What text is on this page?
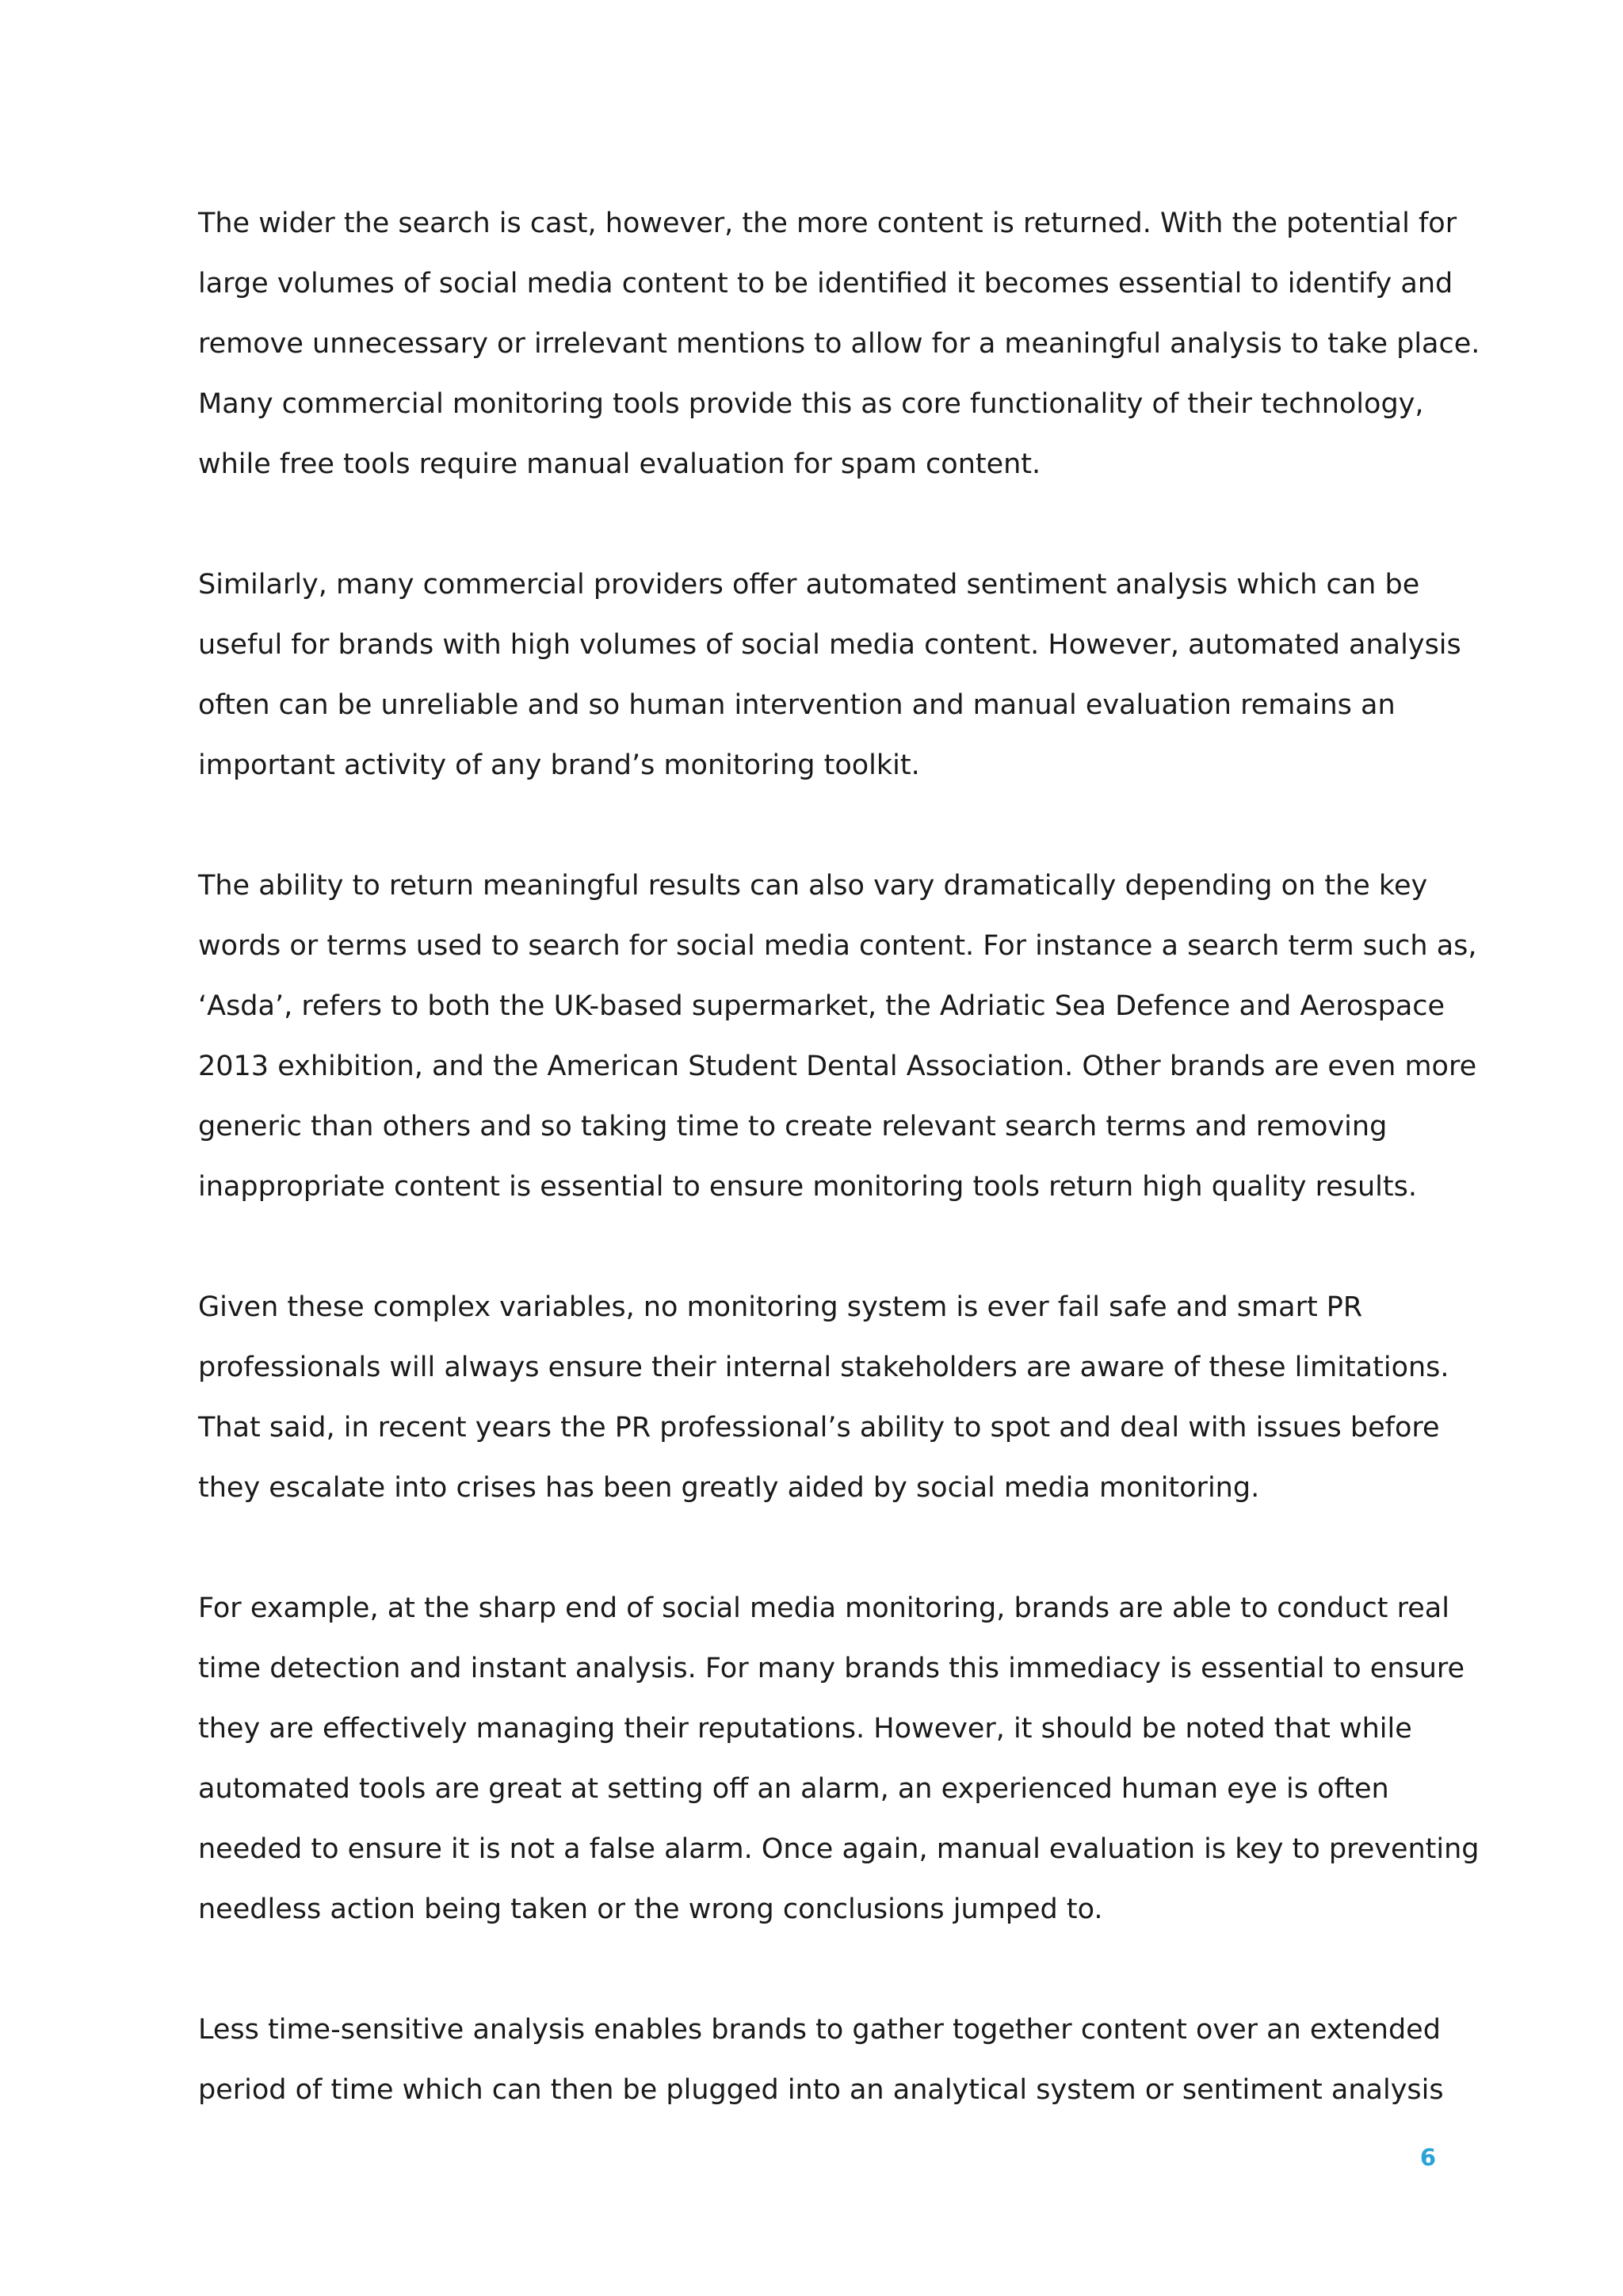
The wider the search is cast, however, the more content is returned. With the potential for
large volumes of social media content to be identified it becomes essential to identify and
remove unnecessary or irrelevant mentions to allow for a meaningful analysis to take place.
Many commercial monitoring tools provide this as core functionality of their technology,
while free tools require manual evaluation for spam content.

Similarly, many commercial providers offer automated sentiment analysis which can be
useful for brands with high volumes of social media content. However, automated analysis
often can be unreliable and so human intervention and manual evaluation remains an
important activity of any brand’s monitoring toolkit.

The ability to return meaningful results can also vary dramatically depending on the key
words or terms used to search for social media content. For instance a search term such as,
‘Asda’, refers to both the UK-based supermarket, the Adriatic Sea Defence and Aerospace
2013 exhibition, and the American Student Dental Association. Other brands are even more
generic than others and so taking time to create relevant search terms and removing
inappropriate content is essential to ensure monitoring tools return high quality results.

Given these complex variables, no monitoring system is ever fail safe and smart PR
professionals will always ensure their internal stakeholders are aware of these limitations.
That said, in recent years the PR professional’s ability to spot and deal with issues before
they escalate into crises has been greatly aided by social media monitoring.

For example, at the sharp end of social media monitoring, brands are able to conduct real
time detection and instant analysis. For many brands this immediacy is essential to ensure
they are effectively managing their reputations. However, it should be noted that while
automated tools are great at setting off an alarm, an experienced human eye is often
needed to ensure it is not a false alarm. Once again, manual evaluation is key to preventing
needless action being taken or the wrong conclusions jumped to.

Less time-sensitive analysis enables brands to gather together content over an extended
period of time which can then be plugged into an analytical system or sentiment analysis

6
